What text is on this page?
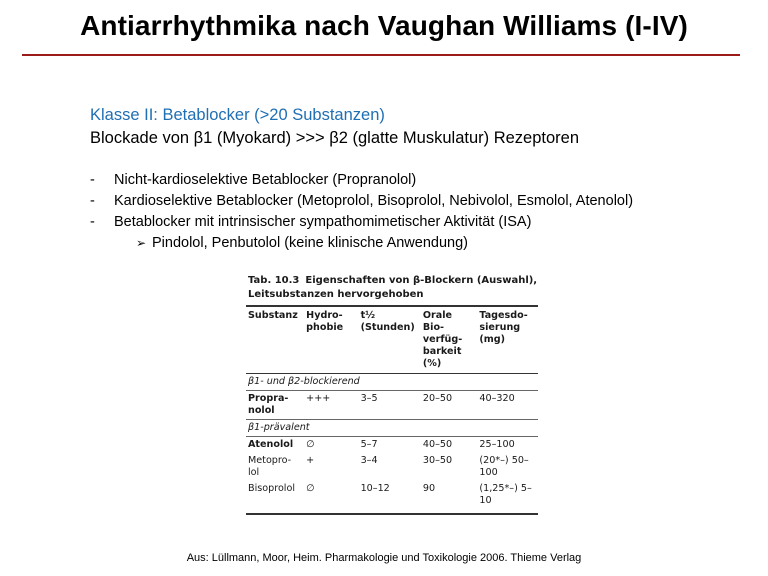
Antiarrhythmika nach Vaughan Williams (I-IV)
Klasse II: Betablocker (>20 Substanzen)
Blockade von β1 (Myokard) >>> β2 (glatte Muskulatur) Rezeptoren
- Nicht-kardioselektive Betablocker (Propranolol)
- Kardioselektive Betablocker (Metoprolol, Bisoprolol, Nebivolol, Esmolol, Atenolol)
- Betablocker mit intrinsischer sympathomimetischer Aktivität (ISA)
➢ Pindolol, Penbutolol (keine klinische Anwendung)
Tab. 10.3 Eigenschaften von β-Blockern (Auswahl), Leitsubstanzen hervorgehoben
Substanz	Hydro-phobie	t½ (Stunden)	Orale Bio-verfüg-barkeit (%)	Tagesdo-sierung (mg)

β1- und β2-blockierend				

Propra-nolol	+++	3–5	20–50	40–320

β1-prävalent				

Atenolol	∅	5–7	40–50	25–100
Metopro-lol	+	3–4	30–50	(20*–) 50–100
Bisoprolol	∅	10–12	90	(1,25*–) 5–10
Aus: Lüllmann, Moor, Heim. Pharmakologie und Toxikologie 2006. Thieme Verlag
